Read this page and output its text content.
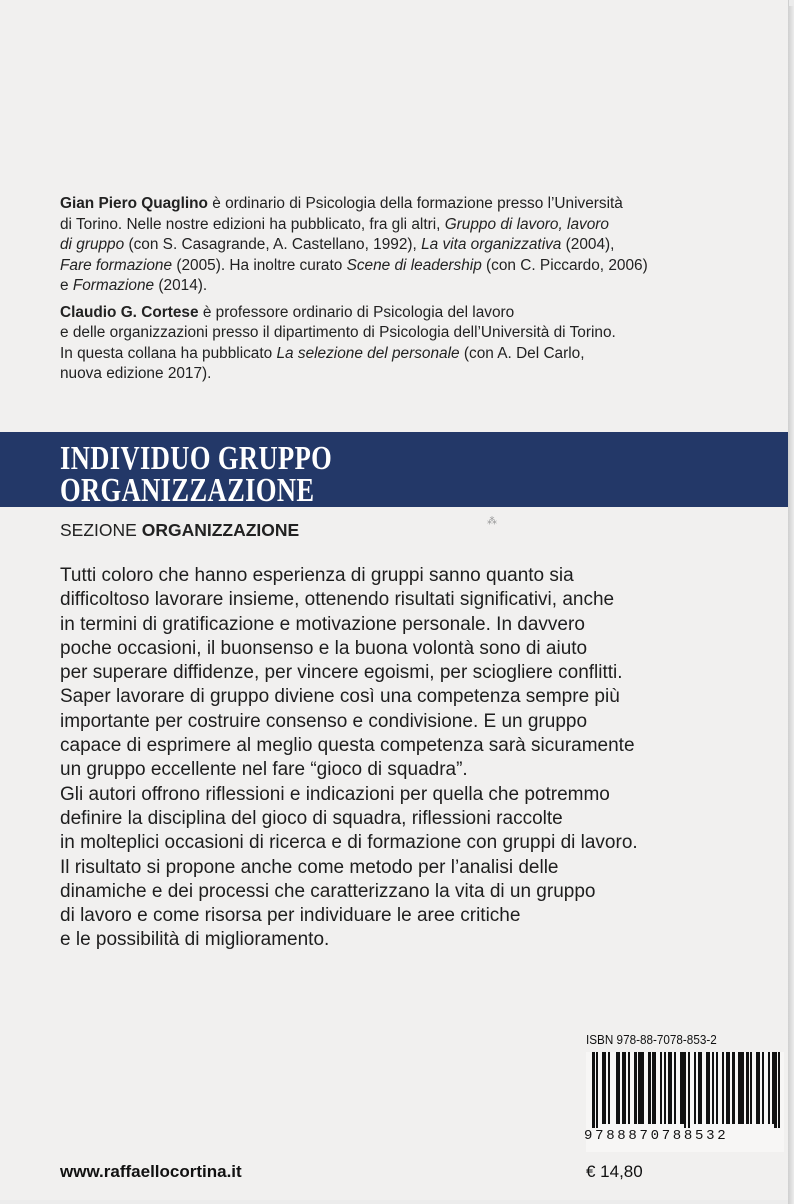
Gian Piero Quaglino è ordinario di Psicologia della formazione presso l’Università
di Torino. Nelle nostre edizioni ha pubblicato, fra gli altri, Gruppo di lavoro, lavoro
di gruppo (con S. Casagrande, A. Castellano, 1992), La vita organizzativa (2004),
Fare formazione (2005). Ha inoltre curato Scene di leadership (con C. Piccardo, 2006)
e Formazione (2014).

Claudio G. Cortese è professore ordinario di Psicologia del lavoro
e delle organizzazioni presso il dipartimento di Psicologia dell’Università di Torino.
In questa collana ha pubblicato La selezione del personale (con A. Del Carlo,
nuova edizione 2017).

INDIVIDUO GRUPPO
ORGANIZZAZIONE
SEZIONE ORGANIZZAZIONE	⁂
Tutti coloro che hanno esperienza di gruppi sanno quanto sia
difficoltoso lavorare insieme, ottenendo risultati significativi, anche
in termini di gratificazione e motivazione personale. In davvero
poche occasioni, il buonsenso e la buona volontà sono di aiuto
per superare diffidenze, per vincere egoismi, per sciogliere conflitti.
Saper lavorare di gruppo diviene così una competenza sempre più
importante per costruire consenso e condivisione. E un gruppo
capace di esprimere al meglio questa competenza sarà sicuramente
un gruppo eccellente nel fare “gioco di squadra”.
Gli autori offrono riflessioni e indicazioni per quella che potremmo
definire la disciplina del gioco di squadra, riflessioni raccolte
in molteplici occasioni di ricerca e di formazione con gruppi di lavoro.
Il risultato si propone anche come metodo per l’analisi delle
dinamiche e dei processi che caratterizzano la vita di un gruppo
di lavoro e come risorsa per individuare le aree critiche
e le possibilità di miglioramento.
ISBN 978-88-7078-853-2
9788870788532
€ 14,80
www.raffaellocortina.it
